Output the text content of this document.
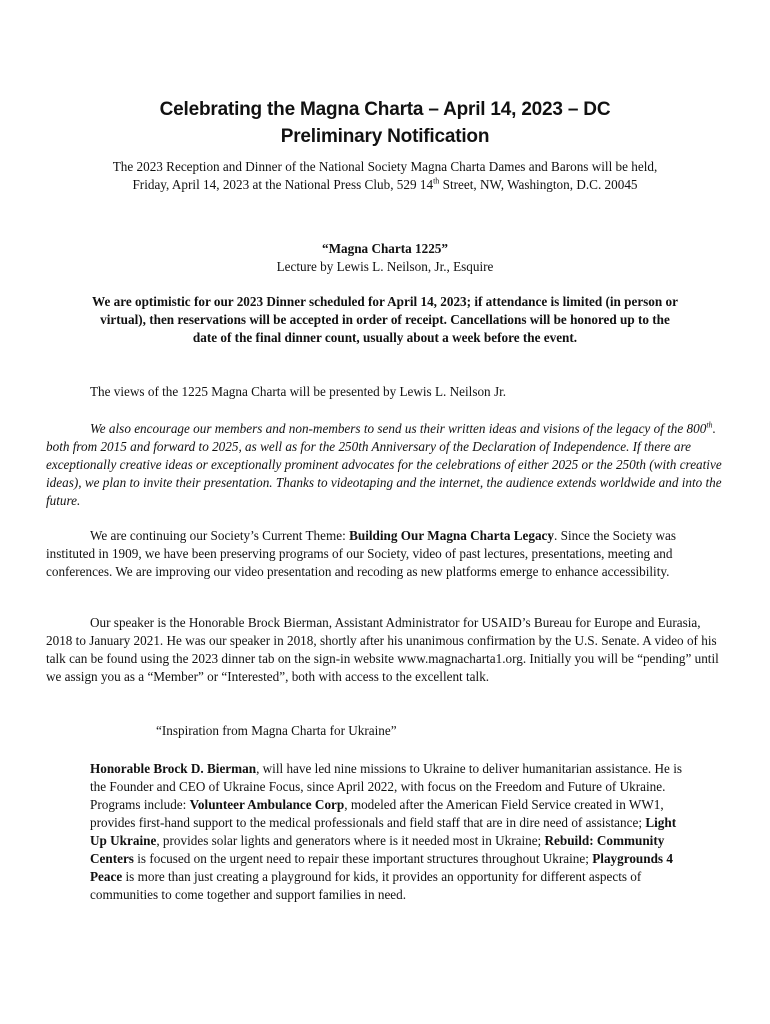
Celebrating the Magna Charta – April 14, 2023 – DC
Preliminary Notification
The 2023 Reception and Dinner of the National Society Magna Charta Dames and Barons will be held, Friday, April 14, 2023 at the National Press Club, 529 14th Street, NW, Washington, D.C. 20045
“Magna Charta 1225”
Lecture by Lewis L. Neilson, Jr., Esquire
We are optimistic for our 2023 Dinner scheduled for April 14, 2023; if attendance is limited (in person or virtual), then reservations will be accepted in order of receipt. Cancellations will be honored up to the date of the final dinner count, usually about a week before the event.
The views of the 1225 Magna Charta will be presented by Lewis L. Neilson Jr.
We also encourage our members and non-members to send us their written ideas and visions of the legacy of the 800th. both from 2015 and forward to 2025, as well as for the 250th Anniversary of the Declaration of Independence. If there are exceptionally creative ideas or exceptionally prominent advocates for the celebrations of either 2025 or the 250th (with creative ideas), we plan to invite their presentation. Thanks to videotaping and the internet, the audience extends worldwide and into the future.
We are continuing our Society’s Current Theme: Building Our Magna Charta Legacy. Since the Society was instituted in 1909, we have been preserving programs of our Society, video of past lectures, presentations, meeting and conferences. We are improving our video presentation and recoding as new platforms emerge to enhance accessibility.
Our speaker is the Honorable Brock Bierman, Assistant Administrator for USAID’s Bureau for Europe and Eurasia, 2018 to January 2021. He was our speaker in 2018, shortly after his unanimous confirmation by the U.S. Senate. A video of his talk can be found using the 2023 dinner tab on the sign-in website www.magnacharta1.org. Initially you will be “pending” until we assign you as a “Member” or “Interested”, both with access to the excellent talk.
“Inspiration from Magna Charta for Ukraine”
Honorable Brock D. Bierman, will have led nine missions to Ukraine to deliver humanitarian assistance. He is the Founder and CEO of Ukraine Focus, since April 2022, with focus on the Freedom and Future of Ukraine. Programs include: Volunteer Ambulance Corp, modeled after the American Field Service created in WW1, provides first-hand support to the medical professionals and field staff that are in dire need of assistance; Light Up Ukraine, provides solar lights and generators where is it needed most in Ukraine; Rebuild: Community Centers is focused on the urgent need to repair these important structures throughout Ukraine; Playgrounds 4 Peace is more than just creating a playground for kids, it provides an opportunity for different aspects of communities to come together and support families in need.
